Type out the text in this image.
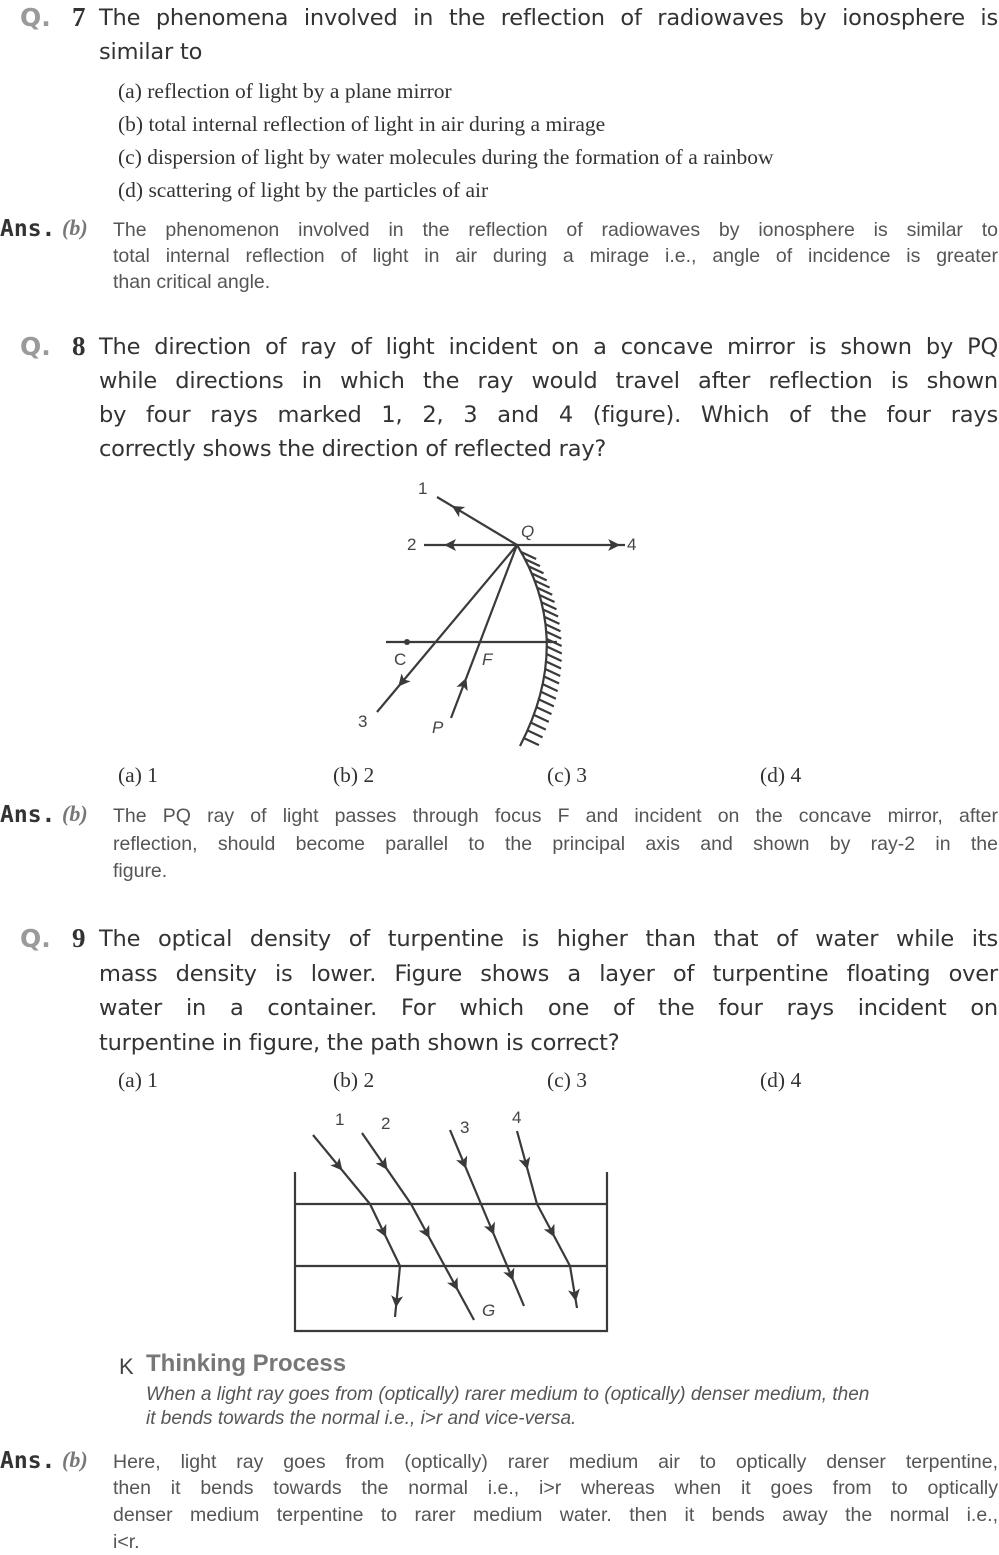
Q. 7 The phenomena involved in the reflection of radiowaves by ionosphere is
similar to
(a) reflection of light by a plane mirror
(b) total internal reflection of light in air during a mirage
(c) dispersion of light by water molecules during the formation of a rainbow
(d) scattering of light by the particles of air
Ans. (b) The phenomenon involved in the reflection of radiowaves by ionosphere is similar to
total internal reflection of light in air during a mirage i.e., angle of incidence is greater
than critical angle.
Q. 8 The direction of ray of light incident on a concave mirror is shown by PQ
while directions in which the ray would travel after reflection is shown
by four rays marked 1, 2, 3 and 4 (figure). Which of the four rays
correctly shows the direction of reflected ray?
1
2
3
4
Q
C	F
P
(a) 1	(b) 2	(c) 3	(d) 4
Ans. (b) The PQ ray of light passes through focus F and incident on the concave mirror, after
reflection, should become parallel to the principal axis and shown by ray-2 in the
figure.
Q. 9 The optical density of turpentine is higher than that of water while its
mass density is lower. Figure shows a layer of turpentine floating over
water in a container. For which one of the four rays incident on
turpentine in figure, the path shown is correct?
(a) 1	(b) 2	(c) 3	(d) 4
1 2	3
4
G
K Thinking Process
When a light ray goes from (optically) rarer medium to (optically) denser medium, then
it bends towards the normal i.e., i>r and vice-versa.
Ans. (b) Here, light ray goes from (optically) rarer medium air to optically denser terpentine,
then it bends towards the normal i.e., i>r whereas when it goes from to optically
denser medium terpentine to rarer medium water. then it bends away the normal i.e.,
i<r.
